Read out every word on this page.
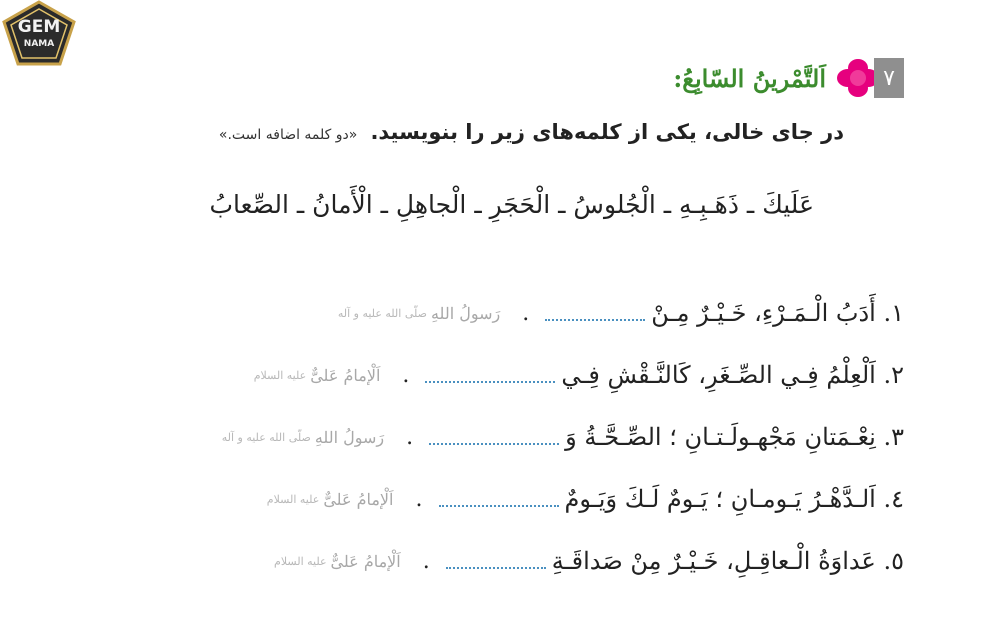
GEM
NAMA
۷
اَلتَّمْرینُ السّابِعُ:
در جای خالی، یکی از کلمه‌های زیر را بنویسید. «دو کلمه اضافه است.»
عَلَیكَ ـ ذَهَـبِـهِ ـ الْجُلوسُ ـ الْحَجَرِ ـ الْجاهِلِ ـ الْأَمانُ ـ الصِّعابُ
١. أَدَبُ الْـمَـرْءِ، خَـیْـرٌ مِـنْ
.
رَسولُ اللهِ
صلّی الله علیه و آله
٢. اَلْعِلْمُ فِـي الصِّـغَرِ، كَالنَّـقْشِ فِـي
.
اَلْإمامُ عَلیٌّ
علیه السلام
٣. نِعْـمَتانِ مَجْهـولَـتـانِ ؛ الصِّـحَّـةُ وَ
.
رَسولُ اللهِ
صلّی الله علیه و آله
٤. اَلـدَّهْـرُ یَـومـانِ ؛ یَـومٌ لَـكَ وَیَـومٌ
.
اَلْإمامُ عَلیٌّ
علیه السلام
٥. عَداوَةُ الْـعاقِـلِ، خَـیْـرٌ مِنْ صَداقَـةِ
.
اَلْإمامُ عَلیٌّ
علیه السلام
